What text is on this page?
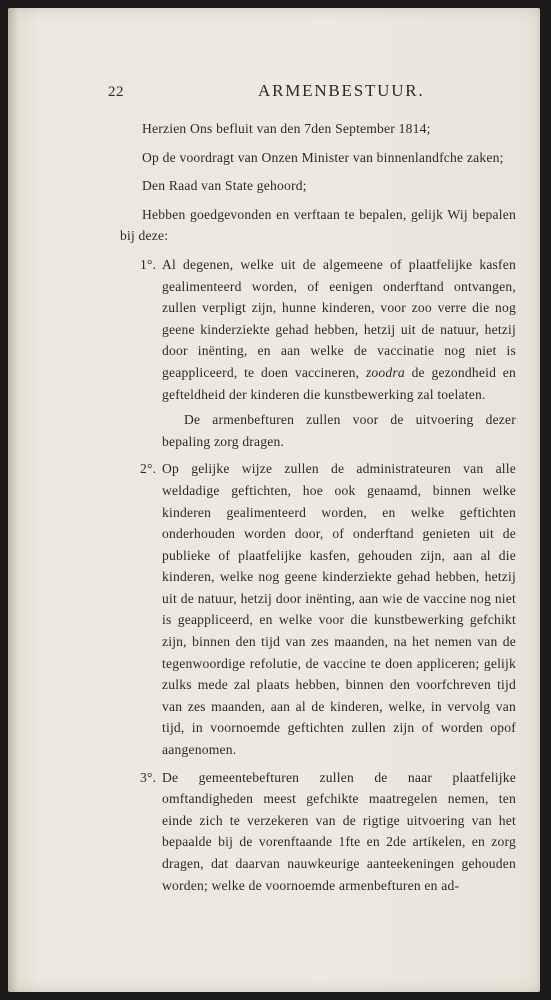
22	ARMENBESTUUR.

Herzien Ons befluit van den 7den September 1814;

Op de voordragt van Onzen Minister van binnenlandfche zaken;

Den Raad van State gehoord;

Hebben goedgevonden en verftaan te bepalen, gelijk Wij bepalen bij deze:

1°. Al degenen, welke uit de algemeene of plaatfelijke kasfen gealimenteerd worden, of eenigen onderftand ontvangen, zullen verpligt zijn, hunne kinderen, voor zoo verre die nog geene kinderziekte gehad hebben, hetzij uit de natuur, hetzij door inënting, en aan welke de vaccinatie nog niet is geappliceerd, te doen vaccineren, zoodra de gezondheid en gefteldheid der kinderen die kunstbewerking zal toelaten.

De armenbefturen zullen voor de uitvoering dezer bepaling zorg dragen.

2°. Op gelijke wijze zullen de administrateuren van alle weldadige geftichten, hoe ook genaamd, binnen welke kinderen gealimenteerd worden, en welke geftichten onderhouden worden door, of onderftand genieten uit de publieke of plaatfelijke kasfen, gehouden zijn, aan al die kinderen, welke nog geene kinderziekte gehad hebben, hetzij uit de natuur, hetzij door inënting, aan wie de vaccine nog niet is geappliceerd, en welke voor die kunstbewerking gefchikt zijn, binnen den tijd van zes maanden, na het nemen van de tegenwoordige refolutie, de vaccine te doen appliceren; gelijk zulks mede zal plaats hebben, binnen den voorfchreven tijd van zes maanden, aan al de kinderen, welke, in vervolg van tijd, in voornoemde geftichten zullen zijn of worden opof aangenomen.

3°. De gemeentebefturen zullen de naar plaatfelijke omftandigheden meest gefchikte maatregelen nemen, ten einde zich te verzekeren van de rigtige uitvoering van het bepaalde bij de vorenftaande 1fte en 2de artikelen, en zorg dragen, dat daarvan nauwkeurige aanteekeningen gehouden worden; welke de voornoemde armenbefturen en ad-
